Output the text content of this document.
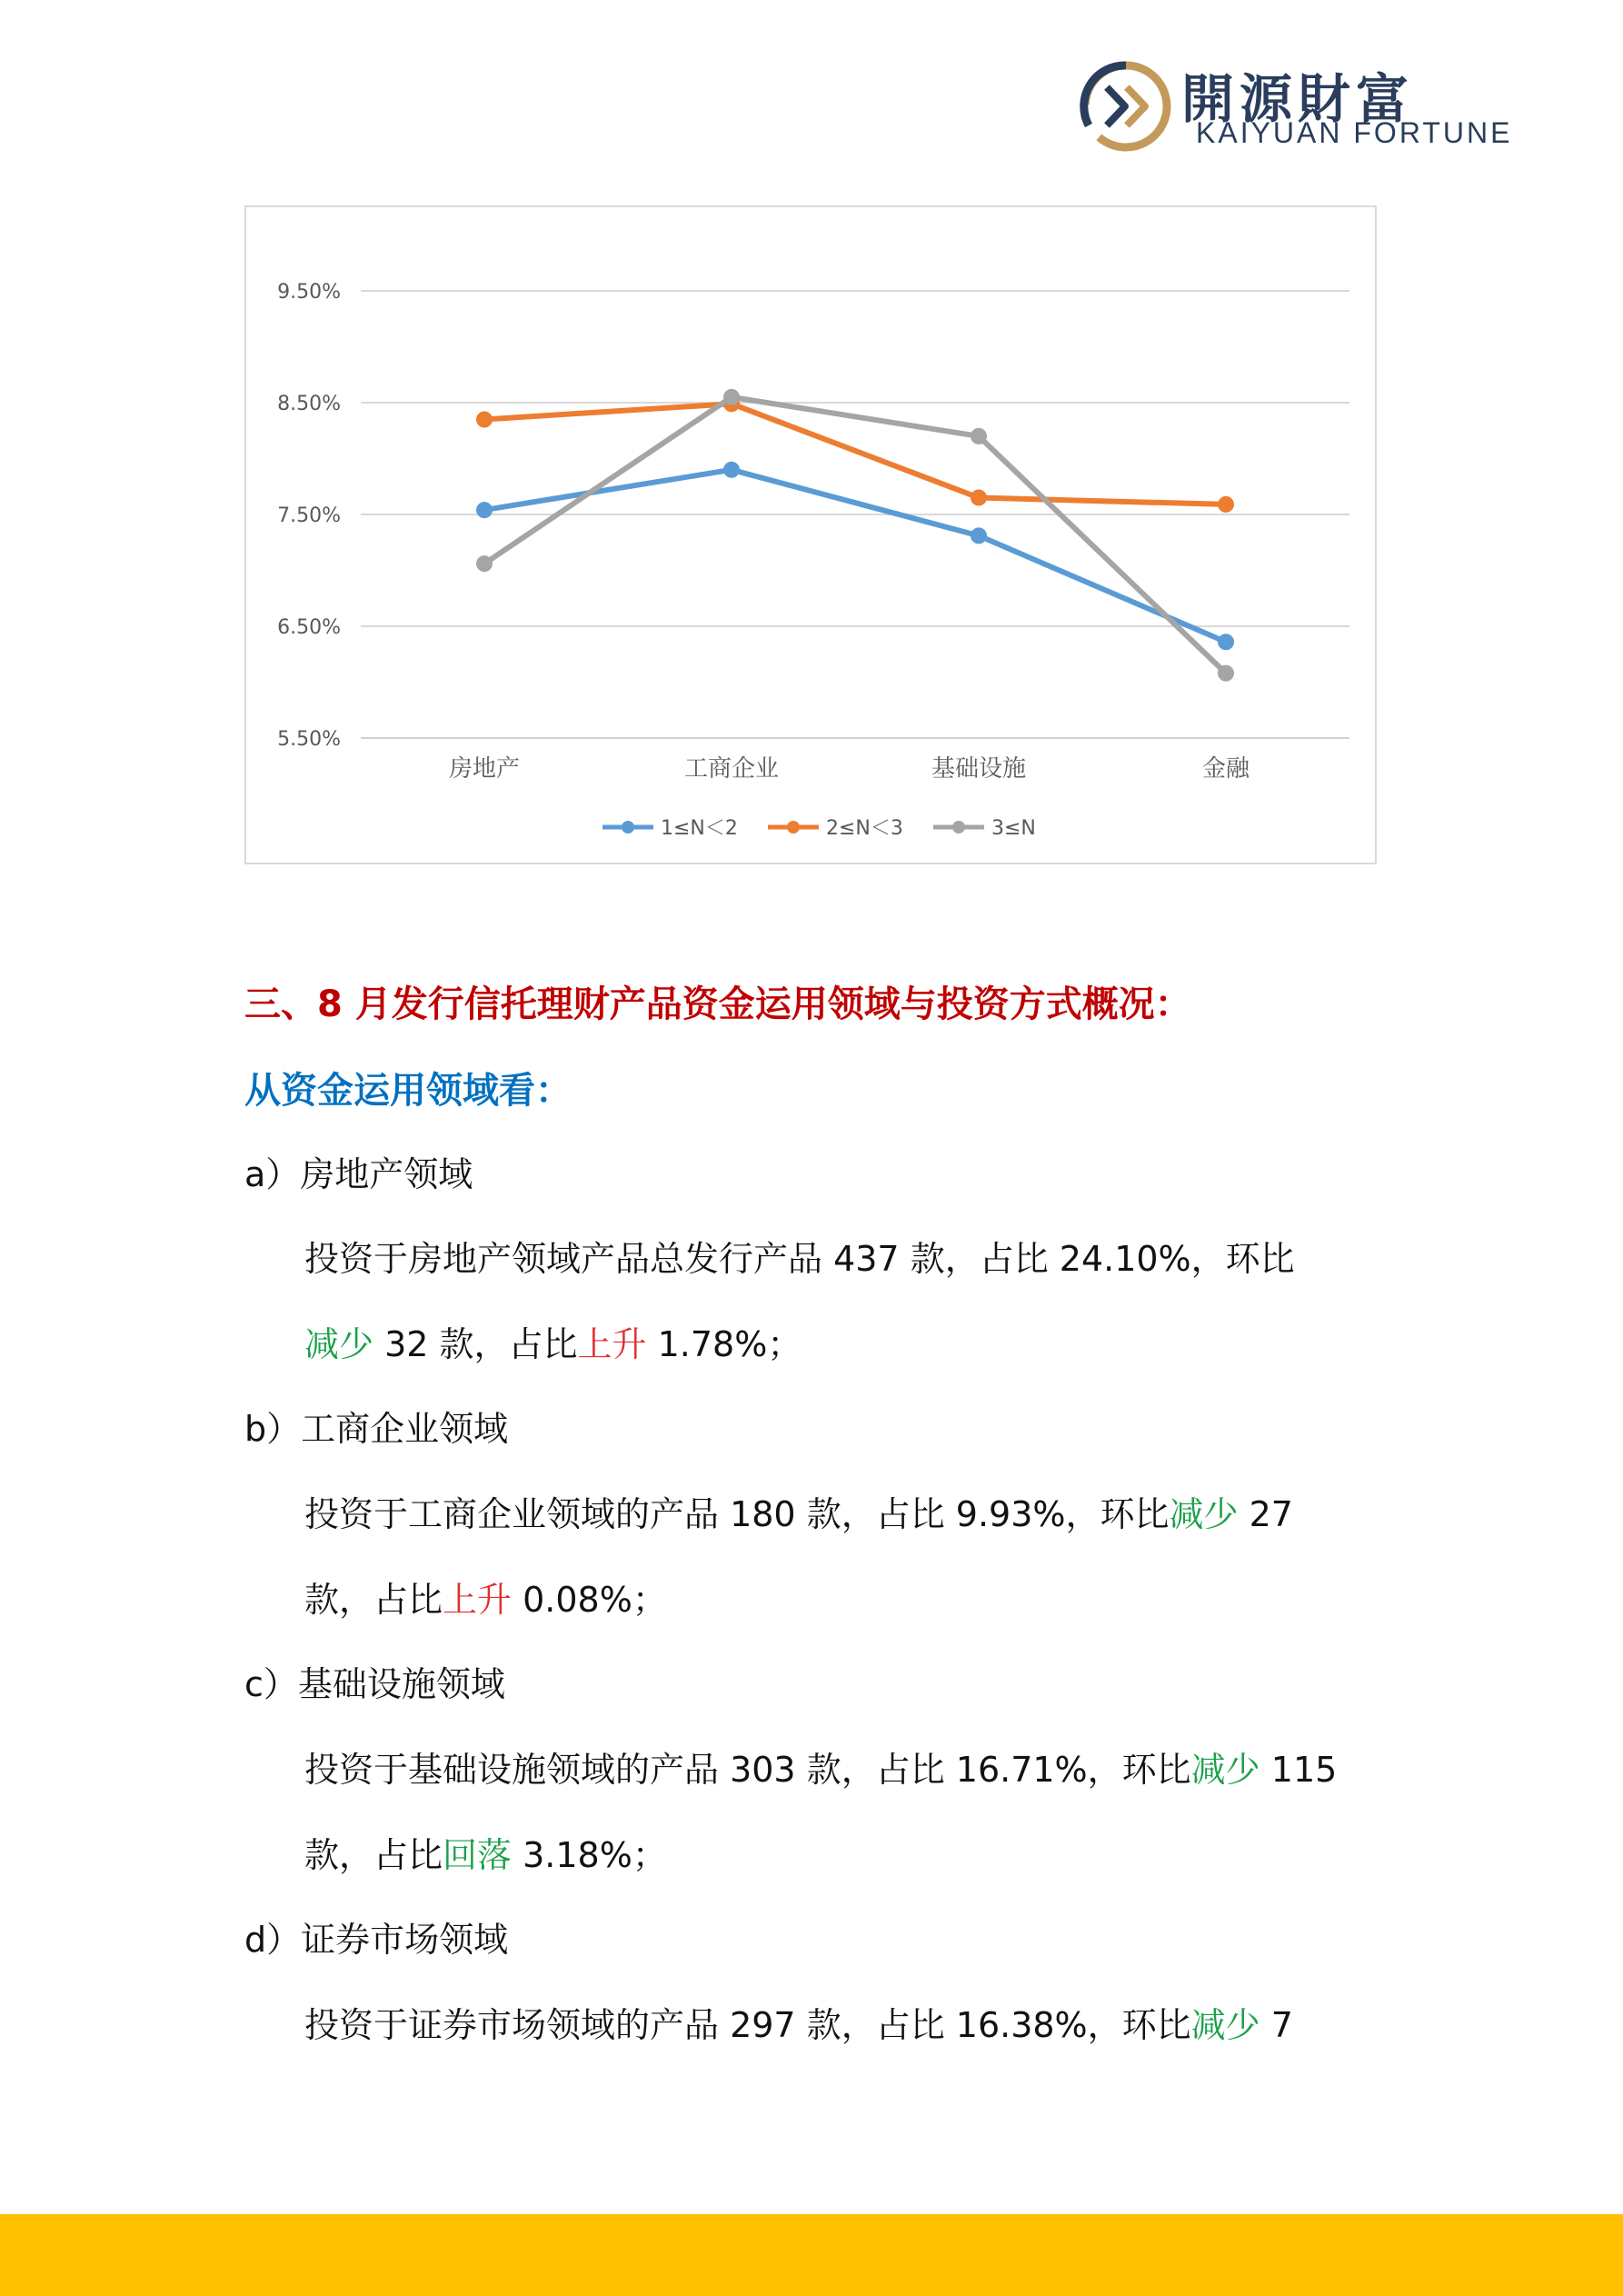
開源財富
KAIYUAN FORTUNE
5.50%
6.50%
7.50%
8.50%
9.50%
房地产	工商企业	基础设施	金融
1≤N＜2	2≤N＜3	3≤N
三、8 月发行信托理财产品资金运用领域与投资方式概况：
从资金运用领域看：
a）房地产领域
投资于房地产领域产品总发行产品 437 款，占比 24.10%，环比
减少 32 款，占比上升 1.78%；
b）工商企业领域
投资于工商企业领域的产品 180 款，占比 9.93%，环比减少 27
款，占比上升 0.08%；
c）基础设施领域
投资于基础设施领域的产品 303 款，占比 16.71%，环比减少 115
款，占比回落 3.18%；
d）证券市场领域
投资于证券市场领域的产品 297 款，占比 16.38%，环比减少 7
